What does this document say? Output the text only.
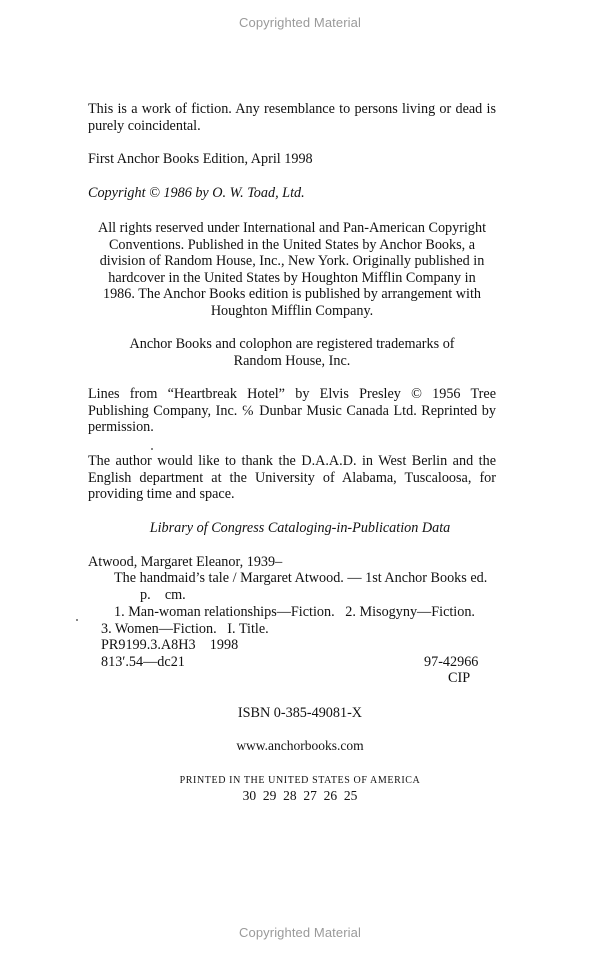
Copyrighted Material

This is a work of fiction. Any resemblance to persons living or dead is purely coincidental.

First Anchor Books Edition, April 1998

Copyright © 1986 by O. W. Toad, Ltd.

All rights reserved under International and Pan-American Copyright
Conventions. Published in the United States by Anchor Books, a
division of Random House, Inc., New York. Originally published in
hardcover in the United States by Houghton Mifflin Company in
1986. The Anchor Books edition is published by arrangement with
Houghton Mifflin Company.
Anchor Books and colophon are registered trademarks of
Random House, Inc.

Lines from “Heartbreak Hotel” by Elvis Presley © 1956 Tree Publishing Company, Inc. ℅ Dunbar Music Canada Ltd. Reprinted by permission.

The author would like to thank the D.A.A.D. in West Berlin and the English department at the University of Alabama, Tuscaloosa, for providing time and space.

Library of Congress Cataloging-in-Publication Data
Atwood, Margaret Eleanor, 1939–
The handmaid’s tale / Margaret Atwood. — 1st Anchor Books ed.
p.    cm.
1. Man-woman relationships—Fiction.   2. Misogyny—Fiction.
3. Women—Fiction.   I. Title.
PR9199.3.A8H3    1998
813′.54—dc21	97-42966
CIP
ISBN 0-385-49081-X
www.anchorbooks.com
PRINTED IN THE UNITED STATES OF AMERICA
30  29  28  27  26  25
Copyrighted Material
